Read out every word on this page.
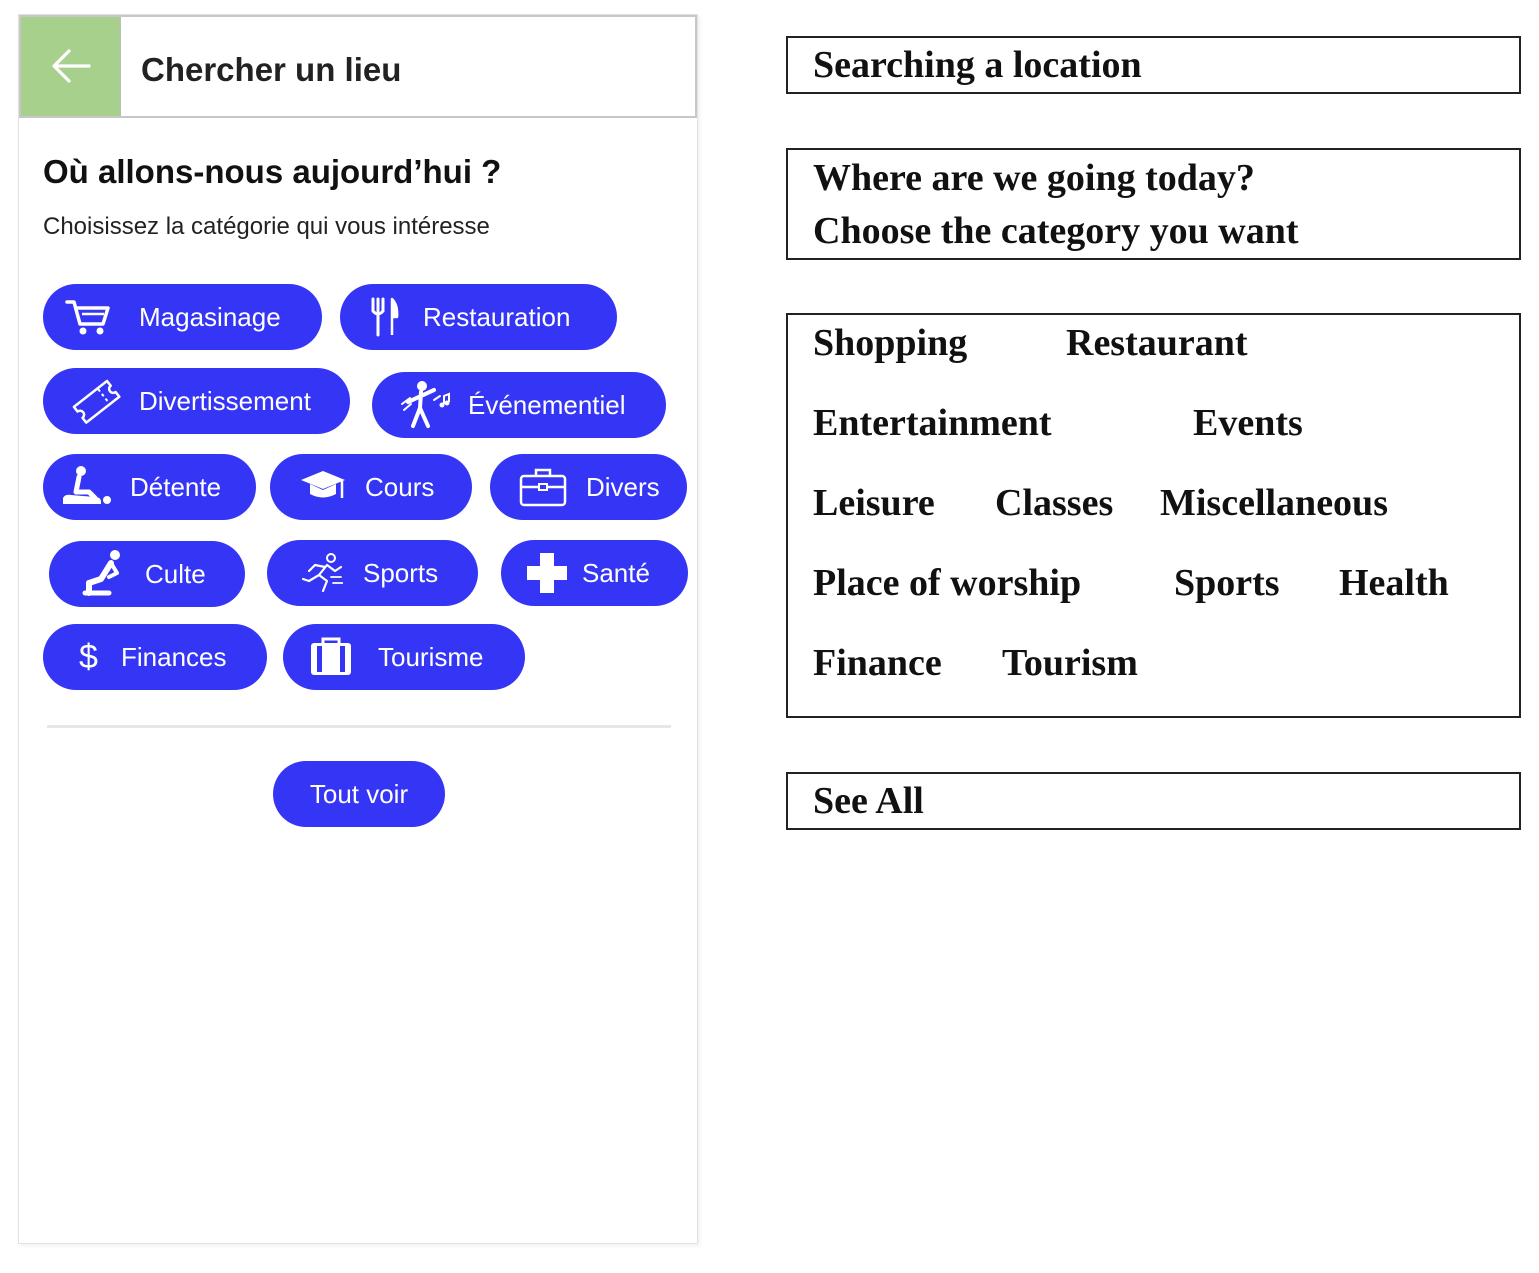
Chercher un lieu
Où allons-nous aujourd’hui ?
Choisissez la catégorie qui vous intéresse
Magasinage	Restauration
Divertissement	Événementiel
Détente	Cours	Divers
Culte	Sports	Santé
$ Finances	Tourisme
Tout voir
Searching a location
Where are we going today?
Choose the category you want
Shopping	Restaurant
Entertainment	Events
Leisure Classes Miscellaneous
Place of worship Sports Health
Finance Tourism
See All
